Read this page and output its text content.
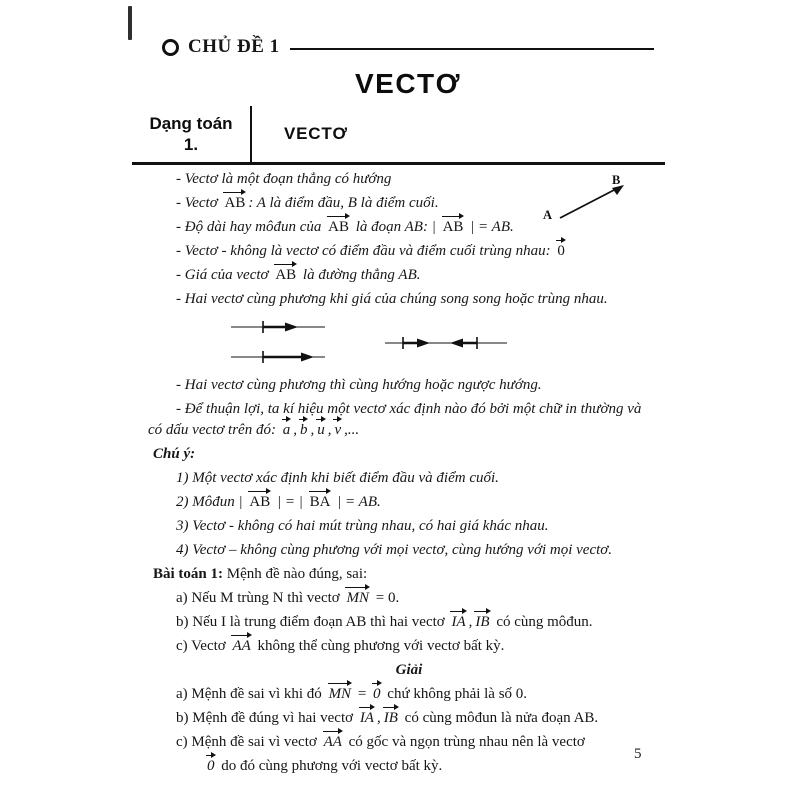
CHỦ ĐỀ 1
VECTƠ
Dạng toán
1.
VECTƠ
A
B
- Vectơ là một đoạn thẳng có hướng
- Vectơ AB : A là điểm đầu, B là điểm cuối.
- Độ dài hay môđun của AB là đoạn AB: | AB | = AB.
- Vectơ - không là vectơ có điểm đầu và điểm cuối trùng nhau: 0
- Giá của vectơ AB là đường thẳng AB.
- Hai vectơ cùng phương khi giá của chúng song song hoặc trùng nhau.
- Hai vectơ cùng phương thì cùng hướng hoặc ngược hướng.
- Để thuận lợi, ta kí hiệu một vectơ xác định nào đó bởi một chữ in thường và
có dấu vectơ trên đó: a , b , u , v ,...
Chú ý:
1) Một vectơ xác định khi biết điểm đầu và điểm cuối.
2) Môđun | AB | = | BA | = AB.
3) Vectơ - không có hai mút trùng nhau, có hai giá khác nhau.
4) Vectơ – không cùng phương với mọi vectơ, cùng hướng với mọi vectơ.
Bài toán 1: Mệnh đề nào đúng, sai:
a) Nếu M trùng N thì vectơ MN = 0.
b) Nếu I là trung điểm đoạn AB thì hai vectơ IA , IB có cùng môđun.
c) Vectơ AA không thể cùng phương với vectơ bất kỳ.
Giải
a) Mệnh đề sai vì khi đó MN = 0 chứ không phải là số 0.
b) Mệnh đề đúng vì hai vectơ IA , IB có cùng môđun là nửa đoạn AB.
c) Mệnh đề sai vì vectơ AA có gốc và ngọn trùng nhau nên là vectơ
0 do đó cùng phương với vectơ bất kỳ.
5
